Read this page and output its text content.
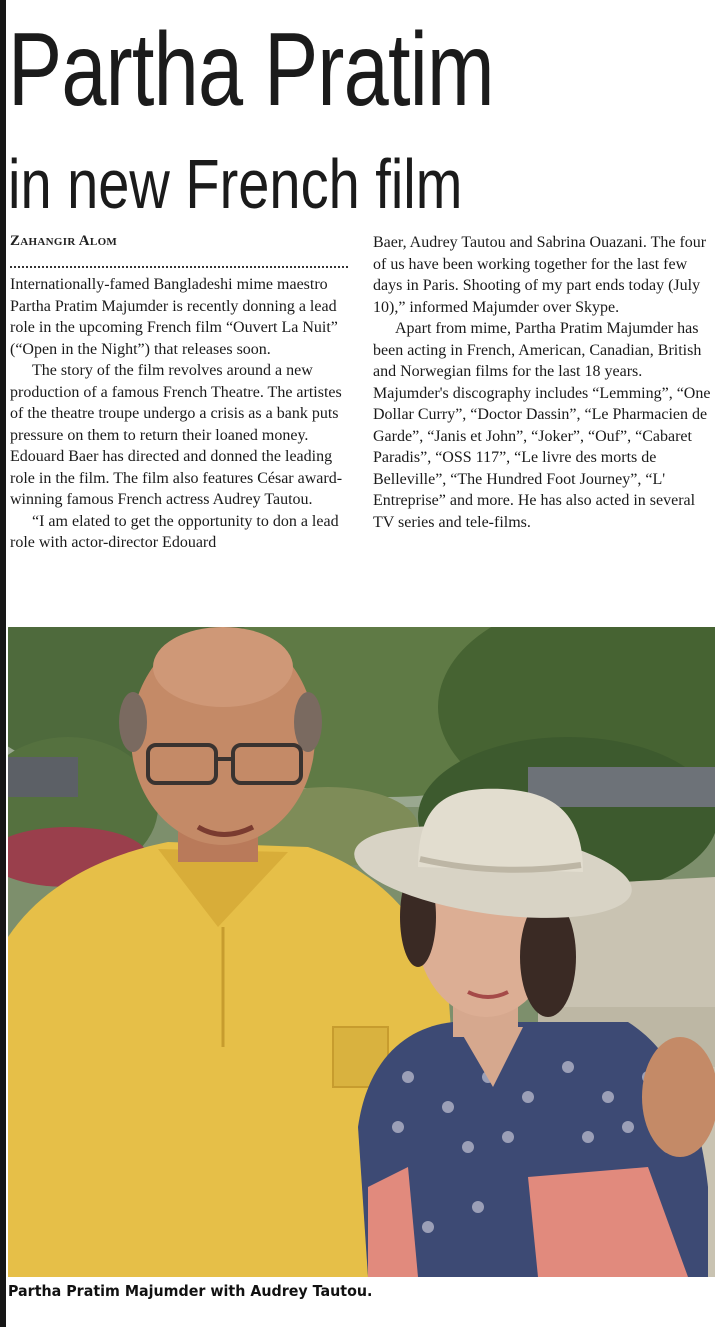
Partha Pratim
in new French film
Zahangir Alom

Internationally-famed Bangladeshi mime maestro Partha Pratim Majumder is recently donning a lead role in the upcoming French film “Ouvert La Nuit” (“Open in the Night”) that releases soon.

The story of the film revolves around a new production of a famous French Theatre. The artistes of the theatre troupe undergo a crisis as a bank puts pressure on them to return their loaned money. Edouard Baer has directed and donned the leading role in the film. The film also features César award-winning famous French actress Audrey Tautou.

“I am elated to get the opportunity to don a lead role with actor-director Edouard

Baer, Audrey Tautou and Sabrina Ouazani. The four of us have been working together for the last few days in Paris. Shooting of my part ends today (July 10),” informed Majumder over Skype.

Apart from mime, Partha Pratim Majumder has been acting in French, American, Canadian, British and Norwegian films for the last 18 years. Majumder's discography includes “Lemming”, “One Dollar Curry”, “Doctor Dassin”, “Le Pharmacien de Garde”, “Janis et John”, “Joker”, “Ouf”, “Cabaret Paradis”, “OSS 117”, “Le livre des morts de Belleville”, “The Hundred Foot Journey”, “L' Entreprise” and more. He has also acted in several TV series and tele-films.

Partha Pratim Majumder with Audrey Tautou.
